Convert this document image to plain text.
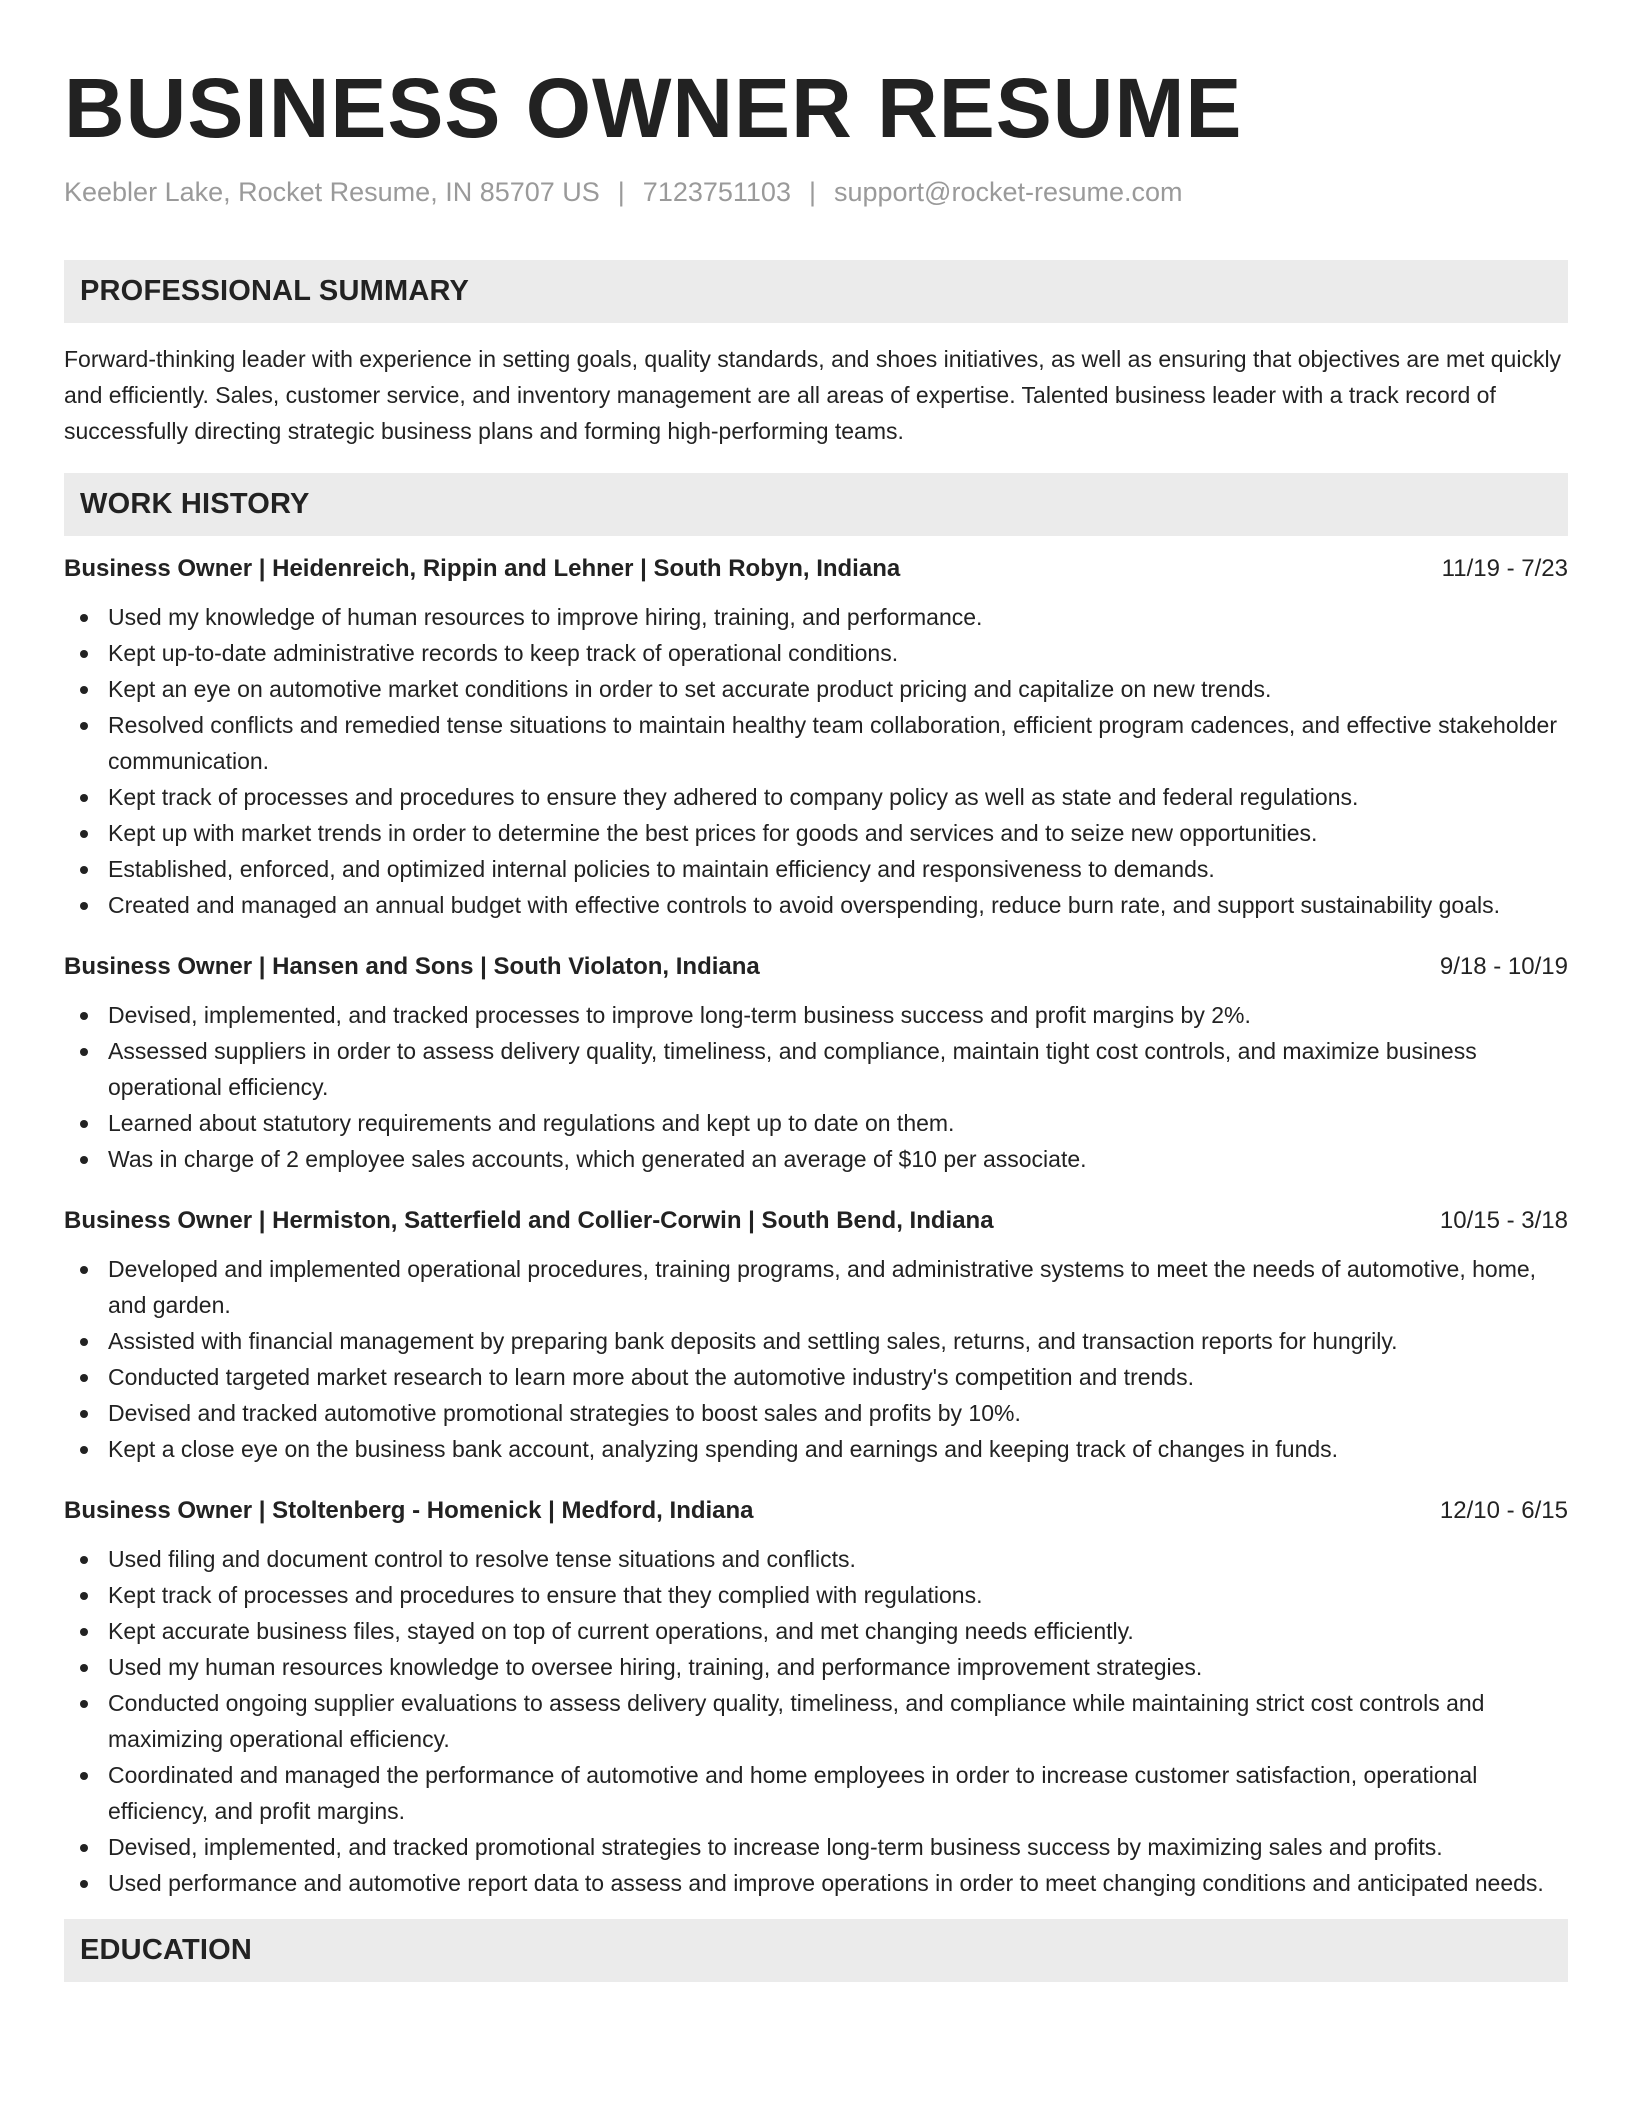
BUSINESS OWNER RESUME
Keebler Lake, Rocket Resume, IN 85707 US | 7123751103 | support@rocket-resume.com
PROFESSIONAL SUMMARY

Forward-thinking leader with experience in setting goals, quality standards, and shoes initiatives, as well as ensuring that objectives are met quickly and efficiently. Sales, customer service, and inventory management are all areas of expertise. Talented business leader with a track record of successfully directing strategic business plans and forming high-performing teams.

WORK HISTORY
Business Owner | Heidenreich, Rippin and Lehner | South Robyn, Indiana	11/19 - 7/23
Used my knowledge of human resources to improve hiring, training, and performance.
Kept up-to-date administrative records to keep track of operational conditions.
Kept an eye on automotive market conditions in order to set accurate product pricing and capitalize on new trends.
Resolved conflicts and remedied tense situations to maintain healthy team collaboration, efficient program cadences, and effective stakeholder communication.
Kept track of processes and procedures to ensure they adhered to company policy as well as state and federal regulations.
Kept up with market trends in order to determine the best prices for goods and services and to seize new opportunities.
Established, enforced, and optimized internal policies to maintain efficiency and responsiveness to demands.
Created and managed an annual budget with effective controls to avoid overspending, reduce burn rate, and support sustainability goals.
Business Owner | Hansen and Sons | South Violaton, Indiana	9/18 - 10/19
Devised, implemented, and tracked processes to improve long-term business success and profit margins by 2%.
Assessed suppliers in order to assess delivery quality, timeliness, and compliance, maintain tight cost controls, and maximize business operational efficiency.
Learned about statutory requirements and regulations and kept up to date on them.
Was in charge of 2 employee sales accounts, which generated an average of $10 per associate.
Business Owner | Hermiston, Satterfield and Collier-Corwin | South Bend, Indiana	10/15 - 3/18
Developed and implemented operational procedures, training programs, and administrative systems to meet the needs of automotive, home, and garden.
Assisted with financial management by preparing bank deposits and settling sales, returns, and transaction reports for hungrily.
Conducted targeted market research to learn more about the automotive industry's competition and trends.
Devised and tracked automotive promotional strategies to boost sales and profits by 10%.
Kept a close eye on the business bank account, analyzing spending and earnings and keeping track of changes in funds.
Business Owner | Stoltenberg - Homenick | Medford, Indiana	12/10 - 6/15
Used filing and document control to resolve tense situations and conflicts.
Kept track of processes and procedures to ensure that they complied with regulations.
Kept accurate business files, stayed on top of current operations, and met changing needs efficiently.
Used my human resources knowledge to oversee hiring, training, and performance improvement strategies.
Conducted ongoing supplier evaluations to assess delivery quality, timeliness, and compliance while maintaining strict cost controls and maximizing operational efficiency.
Coordinated and managed the performance of automotive and home employees in order to increase customer satisfaction, operational efficiency, and profit margins.
Devised, implemented, and tracked promotional strategies to increase long-term business success by maximizing sales and profits.
Used performance and automotive report data to assess and improve operations in order to meet changing conditions and anticipated needs.
EDUCATION
